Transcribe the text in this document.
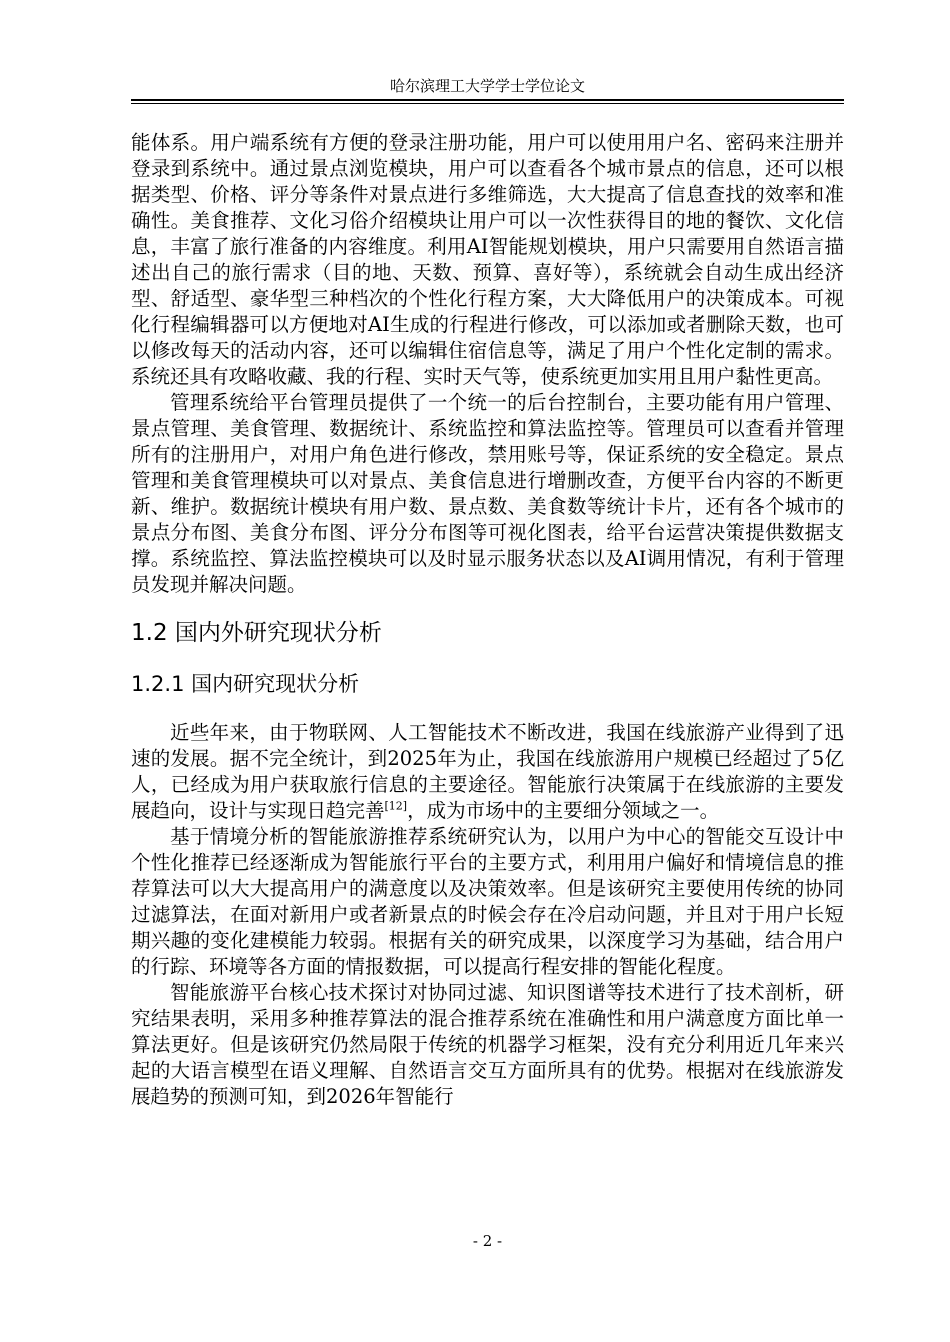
哈尔滨理工大学学士学位论文

能体系。用户端系统有方便的登录注册功能，用户可以使用用户名、密码来注册并登录到系统中。通过景点浏览模块，用户可以查看各个城市景点的信息，还可以根据类型、价格、评分等条件对景点进行多维筛选，大大提高了信息查找的效率和准确性。美食推荐、文化习俗介绍模块让用户可以一次性获得目的地的餐饮、文化信息，丰富了旅行准备的内容维度。利用AI智能规划模块，用户只需要用自然语言描述出自己的旅行需求（目的地、天数、预算、喜好等），系统就会自动生成出经济型、舒适型、豪华型三种档次的个性化行程方案，大大降低用户的决策成本。可视化行程编辑器可以方便地对AI生成的行程进行修改，可以添加或者删除天数，也可以修改每天的活动内容，还可以编辑住宿信息等，满足了用户个性化定制的需求。系统还具有攻略收藏、我的行程、实时天气等，使系统更加实用且用户黏性更高。

管理系统给平台管理员提供了一个统一的后台控制台，主要功能有用户管理、景点管理、美食管理、数据统计、系统监控和算法监控等。管理员可以查看并管理所有的注册用户，对用户角色进行修改，禁用账号等，保证系统的安全稳定。景点管理和美食管理模块可以对景点、美食信息进行增删改查，方便平台内容的不断更新、维护。数据统计模块有用户数、景点数、美食数等统计卡片，还有各个城市的景点分布图、美食分布图、评分分布图等可视化图表，给平台运营决策提供数据支撑。系统监控、算法监控模块可以及时显示服务状态以及AI调用情况，有利于管理员发现并解决问题。

1.2 国内外研究现状分析
1.2.1 国内研究现状分析

近些年来，由于物联网、人工智能技术不断改进，我国在线旅游产业得到了迅速的发展。据不完全统计，到2025年为止，我国在线旅游用户规模已经超过了5亿人，已经成为用户获取旅行信息的主要途径。智能旅行决策属于在线旅游的主要发展趋向，设计与实现日趋完善[12]，成为市场中的主要细分领域之一。

基于情境分析的智能旅游推荐系统研究认为，以用户为中心的智能交互设计中个性化推荐已经逐渐成为智能旅行平台的主要方式，利用用户偏好和情境信息的推荐算法可以大大提高用户的满意度以及决策效率。但是该研究主要使用传统的协同过滤算法，在面对新用户或者新景点的时候会存在冷启动问题，并且对于用户长短期兴趣的变化建模能力较弱。根据有关的研究成果，以深度学习为基础，结合用户的行踪、环境等各方面的情报数据，可以提高行程安排的智能化程度。

智能旅游平台核心技术探讨对协同过滤、知识图谱等技术进行了技术剖析，研究结果表明，采用多种推荐算法的混合推荐系统在准确性和用户满意度方面比单一算法更好。但是该研究仍然局限于传统的机器学习框架，没有充分利用近几年来兴起的大语言模型在语义理解、自然语言交互方面所具有的优势。根据对在线旅游发展趋势的预测可知，到2026年智能行

- 2 -
